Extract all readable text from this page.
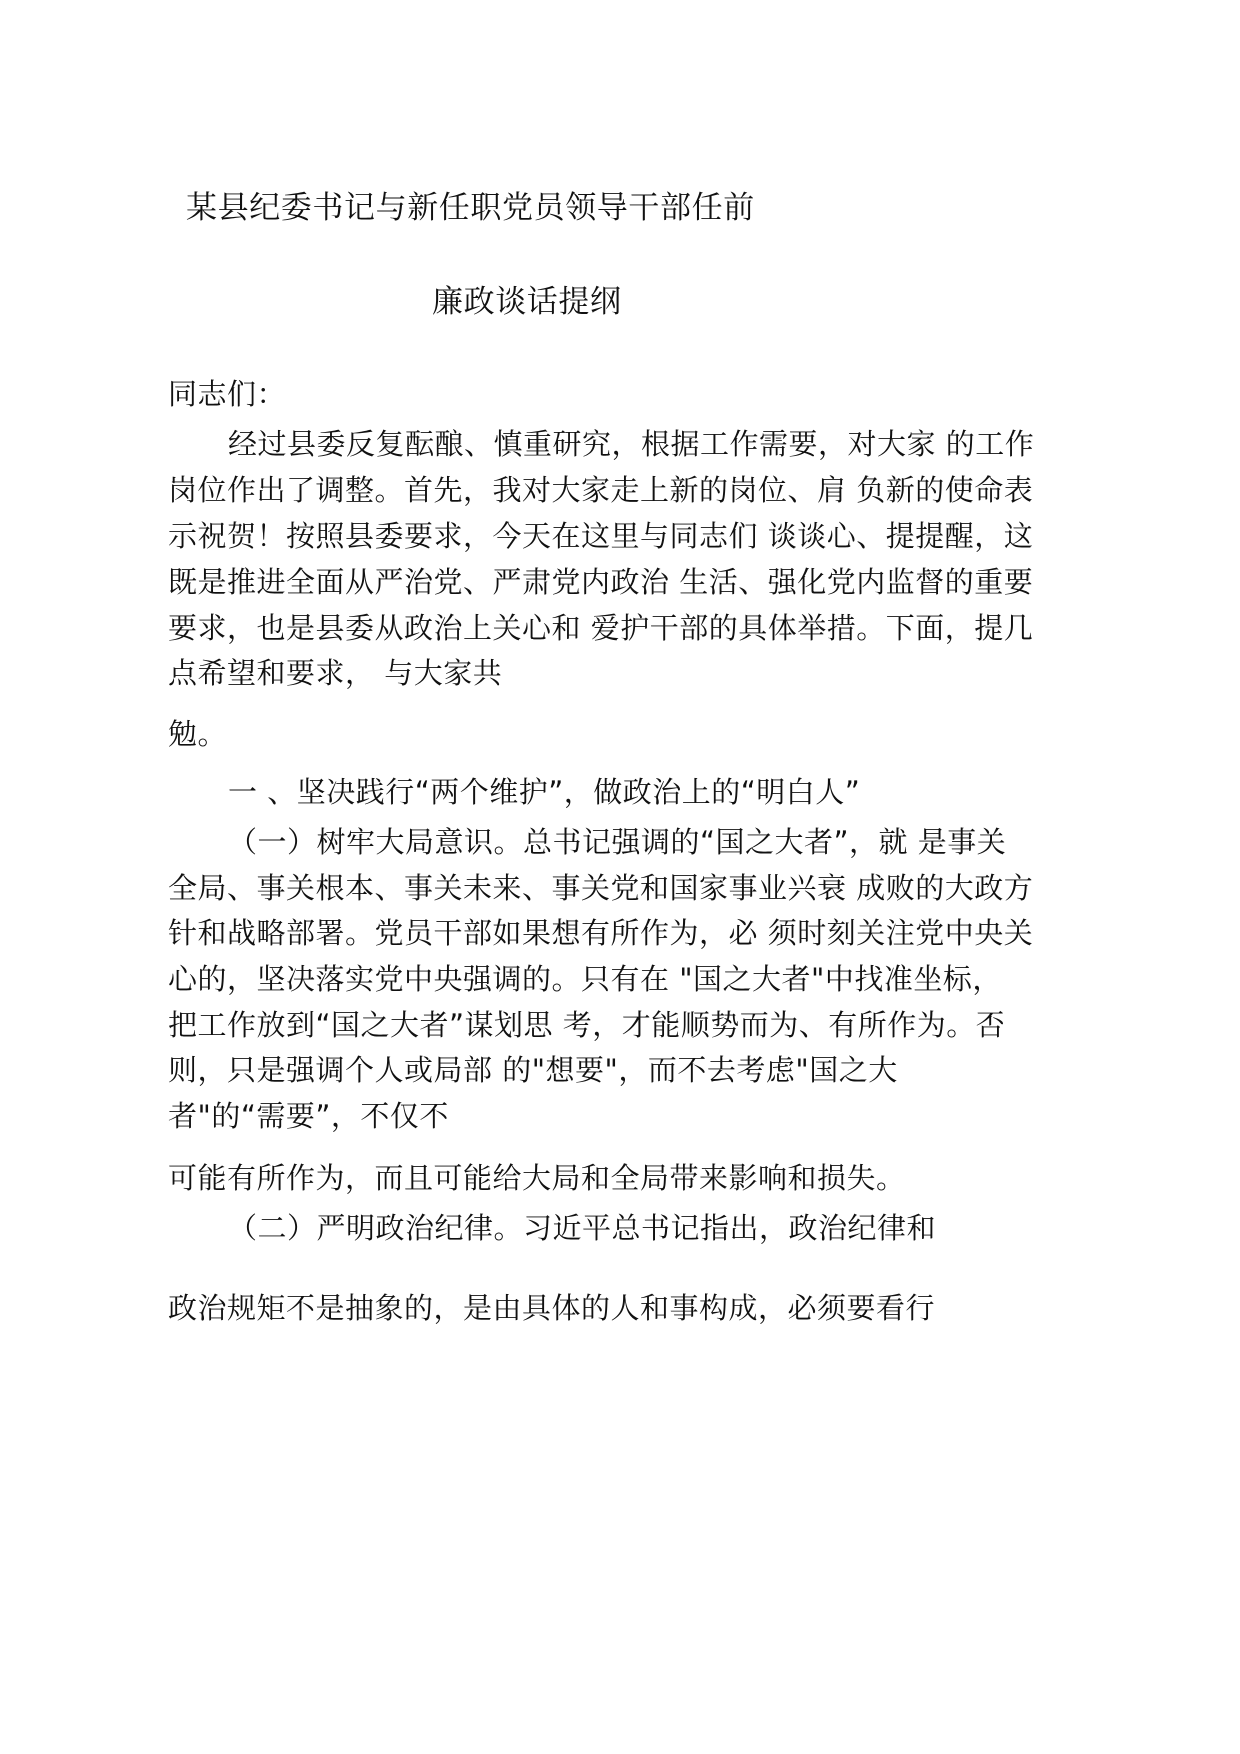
某县纪委书记与新任职党员领导干部任前
廉政谈话提纲
同志们：
经过县委反复酝酿、慎重研究，根据工作需要，对大家 的工作
岗位作出了调整。首先，我对大家走上新的岗位、肩 负新的使命表
示祝贺！按照县委要求，今天在这里与同志们 谈谈心、提提醒，这
既是推进全面从严治党、严肃党内政治 生活、强化党内监督的重要
要求，也是县委从政治上关心和 爱护干部的具体举措。下面，提几
点希望和要求， 与大家共
勉。
一 、坚决践行“两个维护”，做政治上的“明白人”
（一）树牢大局意识。总书记强调的“国之大者”，就 是事关
全局、事关根本、事关未来、事关党和国家事业兴衰 成败的大政方
针和战略部署。党员干部如果想有所作为，必 须时刻关注党中央关
心的，坚决落实党中央强调的。只有在 "国之大者"中找准坐标，
把工作放到“国之大者”谋划思 考，才能顺势而为、有所作为。否
则，只是强调个人或局部 的"想要"，而不去考虑"国之大
者"的“需要”，不仅不
可能有所作为，而且可能给大局和全局带来影响和损失。
（二）严明政治纪律。习近平总书记指出，政治纪律和
政治规矩不是抽象的，是由具体的人和事构成，必须要看行
